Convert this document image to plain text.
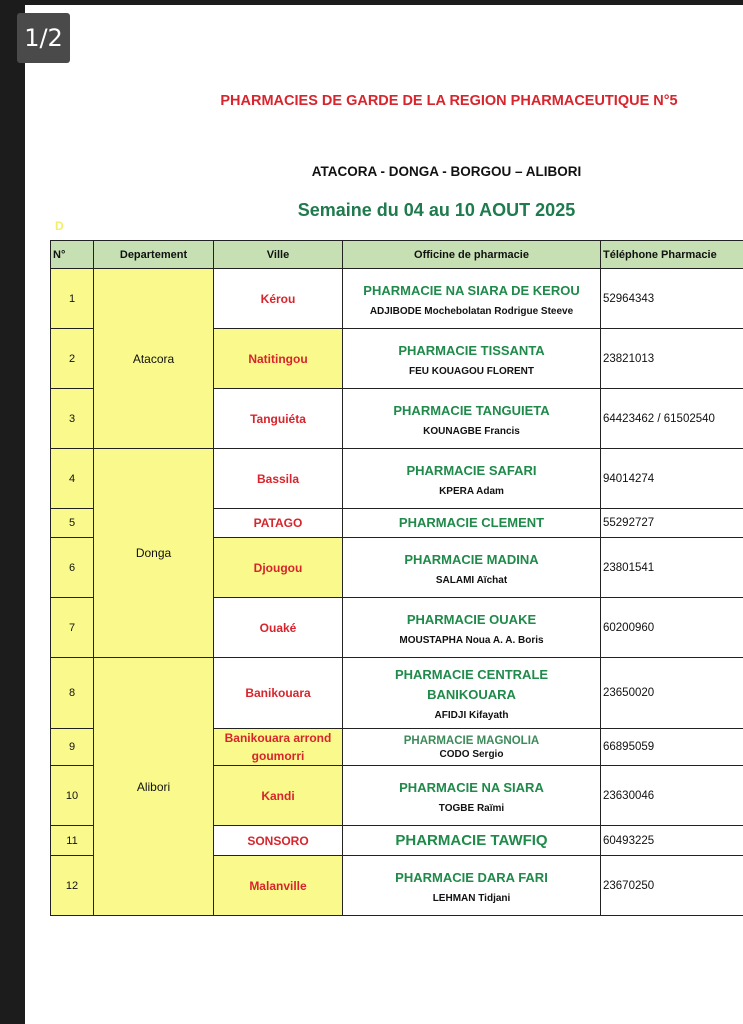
1/2
PHARMACIES DE GARDE DE LA REGION PHARMACEUTIQUE N°5
ATACORA - DONGA - BORGOU – ALIBORI
Semaine du 04 au 10 AOUT 2025
D
N°	Departement	Ville	Officine de pharmacie	Téléphone Pharmacie
1	Atacora	Kérou	PHARMACIE NA SIARA DE KEROU
ADJIBODE Mochebolatan Rodrigue Steeve	52964343
2		Natitingou	PHARMACIE TISSANTA
FEU KOUAGOU FLORENT	23821013
3		Tanguiéta	PHARMACIE TANGUIETA
KOUNAGBE Francis	64423462 / 61502540
4	Donga	Bassila	PHARMACIE SAFARI
KPERA Adam	94014274
5		PATAGO	PHARMACIE CLEMENT	55292727
6		Djougou	PHARMACIE MADINA
SALAMI Aïchat	23801541
7		Ouaké	PHARMACIE OUAKE
MOUSTAPHA Noua A. A. Boris	60200960
8	Alibori	Banikouara	PHARMACIE CENTRALE BANIKOUARA
AFIDJI Kifayath	23650020
9		Banikouara arrond goumorri	PHARMACIE MAGNOLIA
CODO Sergio	66895059
10		Kandi	PHARMACIE NA SIARA
TOGBE Raïmi	23630046
11		SONSORO	PHARMACIE TAWFIQ	60493225
12		Malanville	PHARMACIE DARA FARI
LEHMAN Tidjani	23670250
